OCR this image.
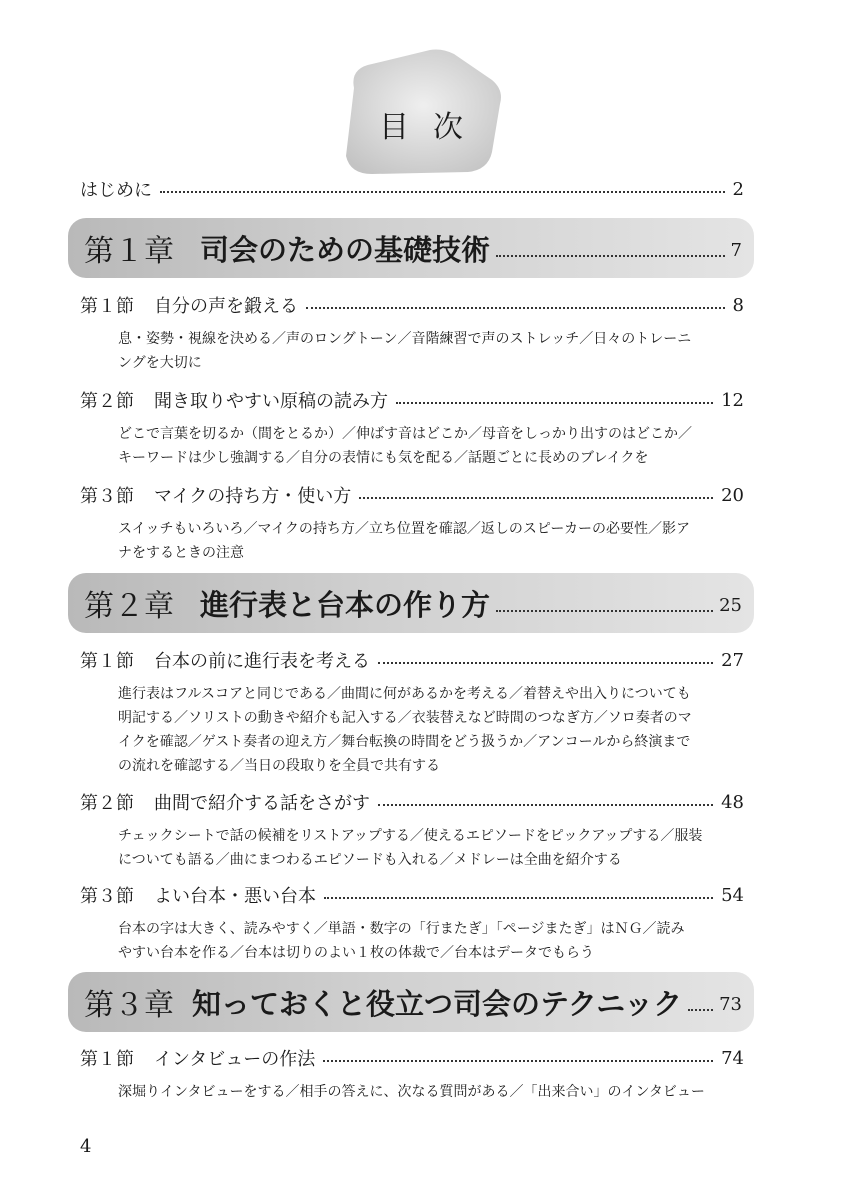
目次
はじめに	2
第１章 司会のための基礎技術	7
第１節 自分の声を鍛える	8
息・姿勢・視線を決める／声のロングトーン／音階練習で声のストレッチ／日々のトレーニ
ングを大切に
第２節 聞き取りやすい原稿の読み方	12
どこで言葉を切るか（間をとるか）／伸ばす音はどこか／母音をしっかり出すのはどこか／
キーワードは少し強調する／自分の表情にも気を配る／話題ごとに長めのブレイクを
第３節 マイクの持ち方・使い方	20
スイッチもいろいろ／マイクの持ち方／立ち位置を確認／返しのスピーカーの必要性／影ア
ナをするときの注意
第２章 進行表と台本の作り方	25
第１節 台本の前に進行表を考える	27
進行表はフルスコアと同じである／曲間に何があるかを考える／着替えや出入りについても
明記する／ソリストの動きや紹介も記入する／衣装替えなど時間のつなぎ方／ソロ奏者のマ
イクを確認／ゲスト奏者の迎え方／舞台転換の時間をどう扱うか／アンコールから終演まで
の流れを確認する／当日の段取りを全員で共有する
第２節 曲間で紹介する話をさがす	48
チェックシートで話の候補をリストアップする／使えるエピソードをピックアップする／服装
についても語る／曲にまつわるエピソードも入れる／メドレーは全曲を紹介する
第３節 よい台本・悪い台本	54
台本の字は大きく、読みやすく／単語・数字の「行またぎ」「ページまたぎ」はＮＧ／読み
やすい台本を作る／台本は切りのよい１枚の体裁で／台本はデータでもらう
第３章 知っておくと役立つ司会のテクニック 73
第１節 インタビューの作法	74
深堀りインタビューをする／相手の答えに、次なる質問がある／「出来合い」のインタビュー
4
